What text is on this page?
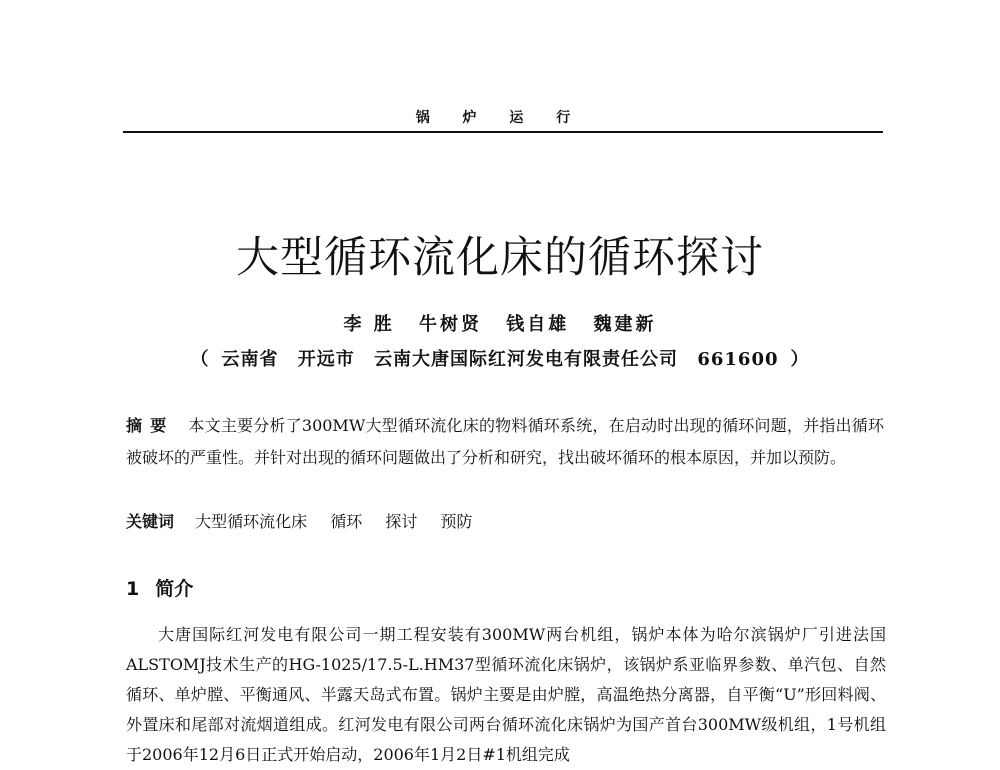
锅 炉 运 行
大型循环流化床的循环探讨
李 胜 牛树贤 钱自雄 魏建新
（ 云南省 开远市 云南大唐国际红河发电有限责任公司 661600 ）
摘要 本文主要分析了300MW大型循环流化床的物料循环系统，在启动时出现的循环问题，并指出循环被破坏的严重性。并针对出现的循环问题做出了分析和研究，找出破坏循环的根本原因，并加以预防。
关键词 大型循环流化床 循环 探讨 预防
1 简介
大唐国际红河发电有限公司一期工程安装有300MW两台机组，锅炉本体为哈尔滨锅炉厂引进法国ALSTOMJ技术生产的HG-1025/17.5-L.HM37型循环流化床锅炉，该锅炉系亚临界参数、单汽包、自然循环、单炉膛、平衡通风、半露天岛式布置。锅炉主要是由炉膛，高温绝热分离器，自平衡“U”形回料阀、外置床和尾部对流烟道组成。红河发电有限公司两台循环流化床锅炉为国产首台300MW级机组，1号机组于2006年12月6日正式开始启动，2006年1月2日#1机组完成
